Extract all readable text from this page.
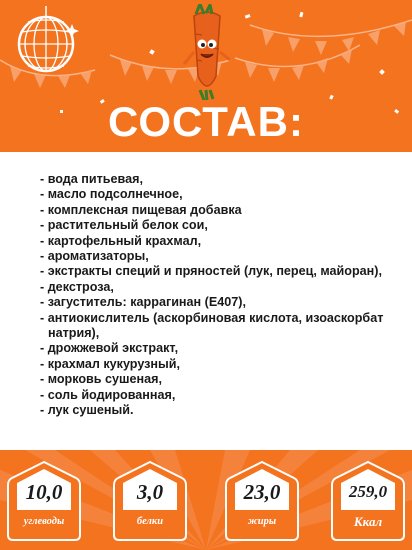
СОСТАВ:
- вода питьевая,
- масло подсолнечное,
- комплексная пищевая добавка
- растительный белок сои,
- картофельный крахмал,
- ароматизаторы,
- экстракты специй и пряностей (лук, перец, майоран),
- декстроза,
- загуститель: каррагинан (Е407),
- антиокислитель (аскорбиновая кислота, изоаскорбат
натрия),
- дрожжевой экстракт,
- крахмал кукурузный,
- морковь сушеная,
- соль йодированная,
- лук сушеный.
10,0
углеводы
3,0
белки
23,0
жиры
259,0
Ккал
